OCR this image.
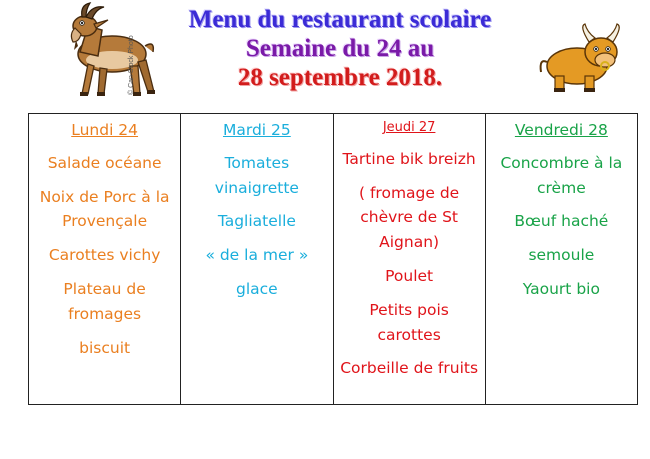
© Can Stock Photo
Menu du restaurant scolaire
Semaine du 24 au
28 septembre 2018.
Lundi 24
Salade océane
Noix de Porc à la Provençale
Carottes vichy
Plateau de fromages
biscuit

Mardi 25
Tomates vinaigrette
Tagliatelle
« de la mer »
glace

Jeudi 27
Tartine bik breizh
( fromage de chèvre de St Aignan)
Poulet
Petits pois carottes
Corbeille de fruits

Vendredi 28
Concombre à la crème
Bœuf haché
semoule
Yaourt bio
